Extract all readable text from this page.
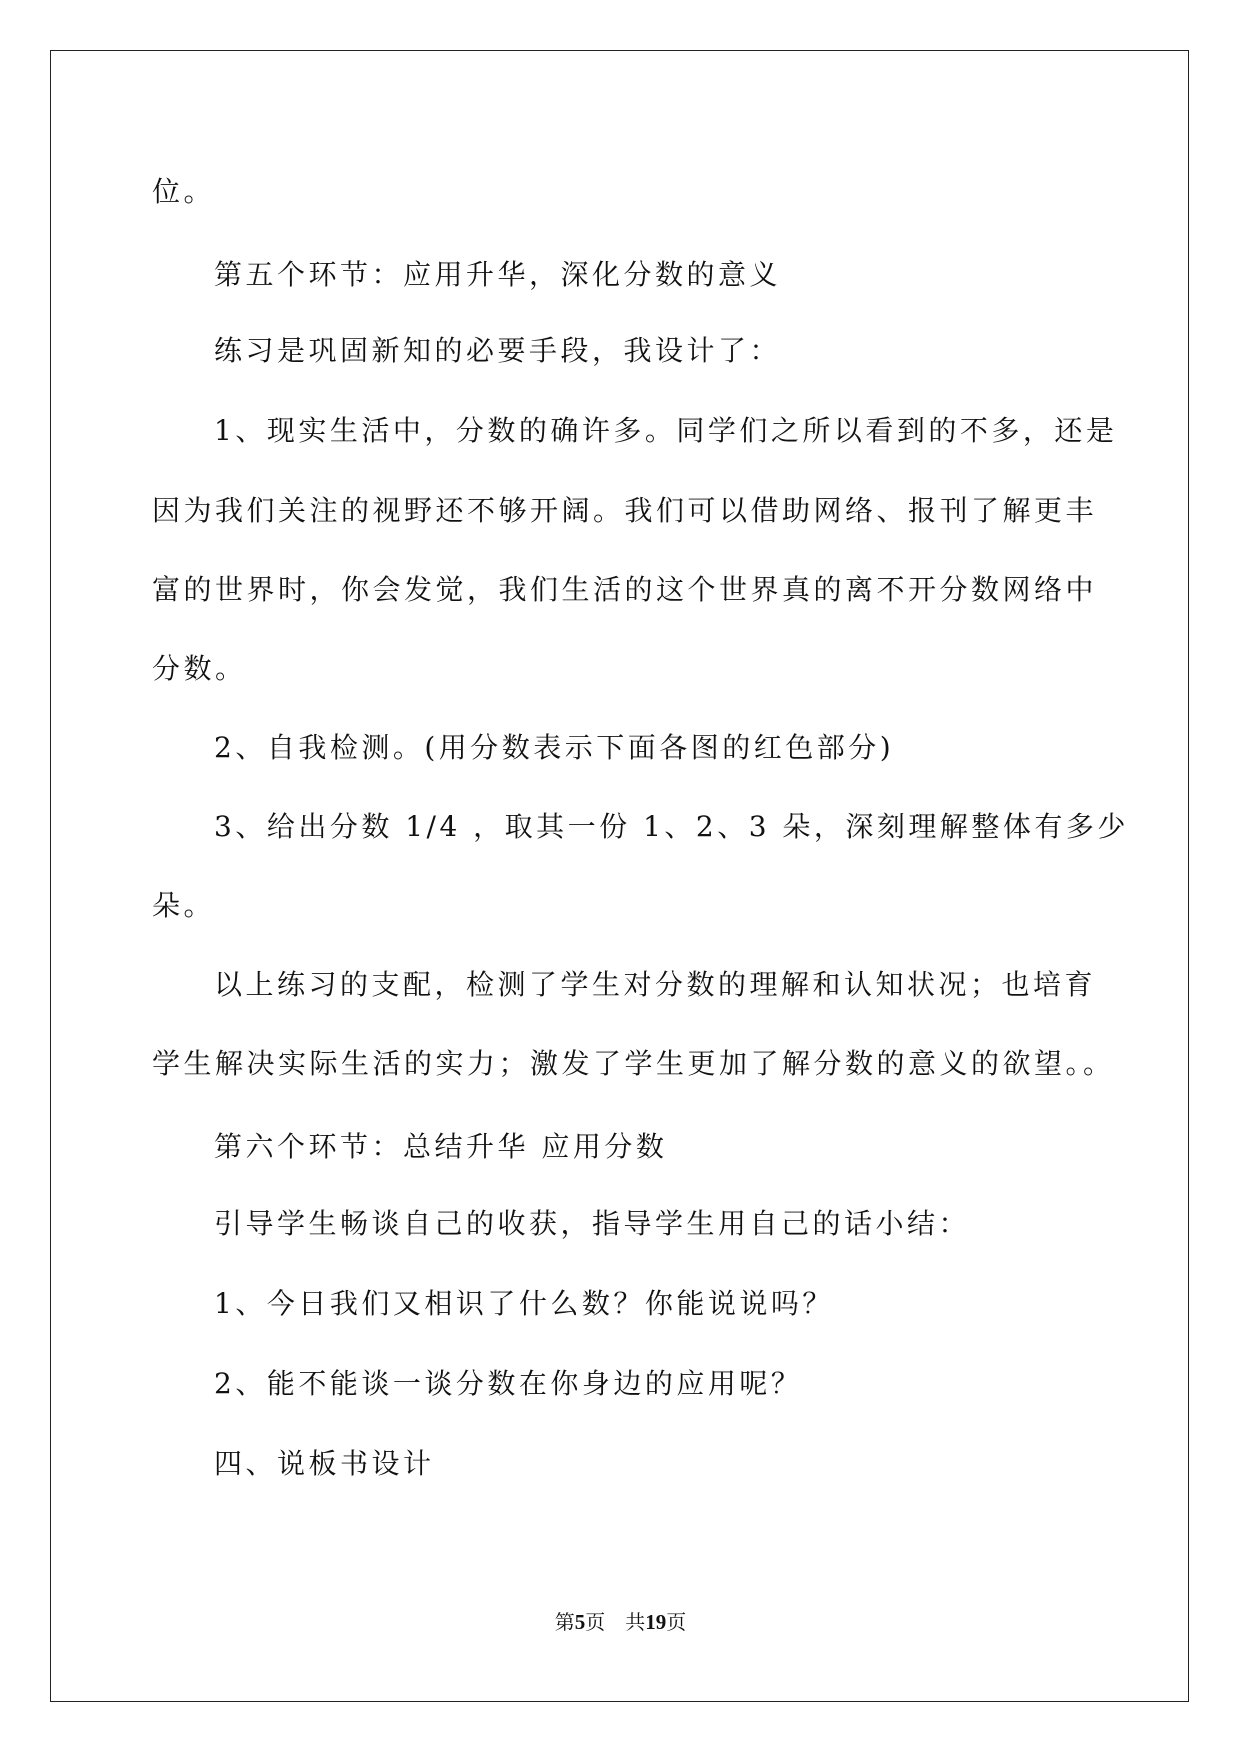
位。
第五个环节：应用升华，深化分数的意义
练习是巩固新知的必要手段，我设计了：
1、现实生活中，分数的确许多。同学们之所以看到的不多，还是
因为我们关注的视野还不够开阔。我们可以借助网络、报刊了解更丰
富的世界时，你会发觉，我们生活的这个世界真的离不开分数网络中
分数。
2、自我检测。(用分数表示下面各图的红色部分)
3、给出分数 1/4 ，取其一份 1、2、3 朵，深刻理解整体有多少
朵。
以上练习的支配，检测了学生对分数的理解和认知状况；也培育
学生解决实际生活的实力；激发了学生更加了解分数的意义的欲望。。
第六个环节：总结升华 应用分数
引导学生畅谈自己的收获，指导学生用自己的话小结：
1、今日我们又相识了什么数？你能说说吗？
2、能不能谈一谈分数在你身边的应用呢？
四、说板书设计
第5页　共19页
